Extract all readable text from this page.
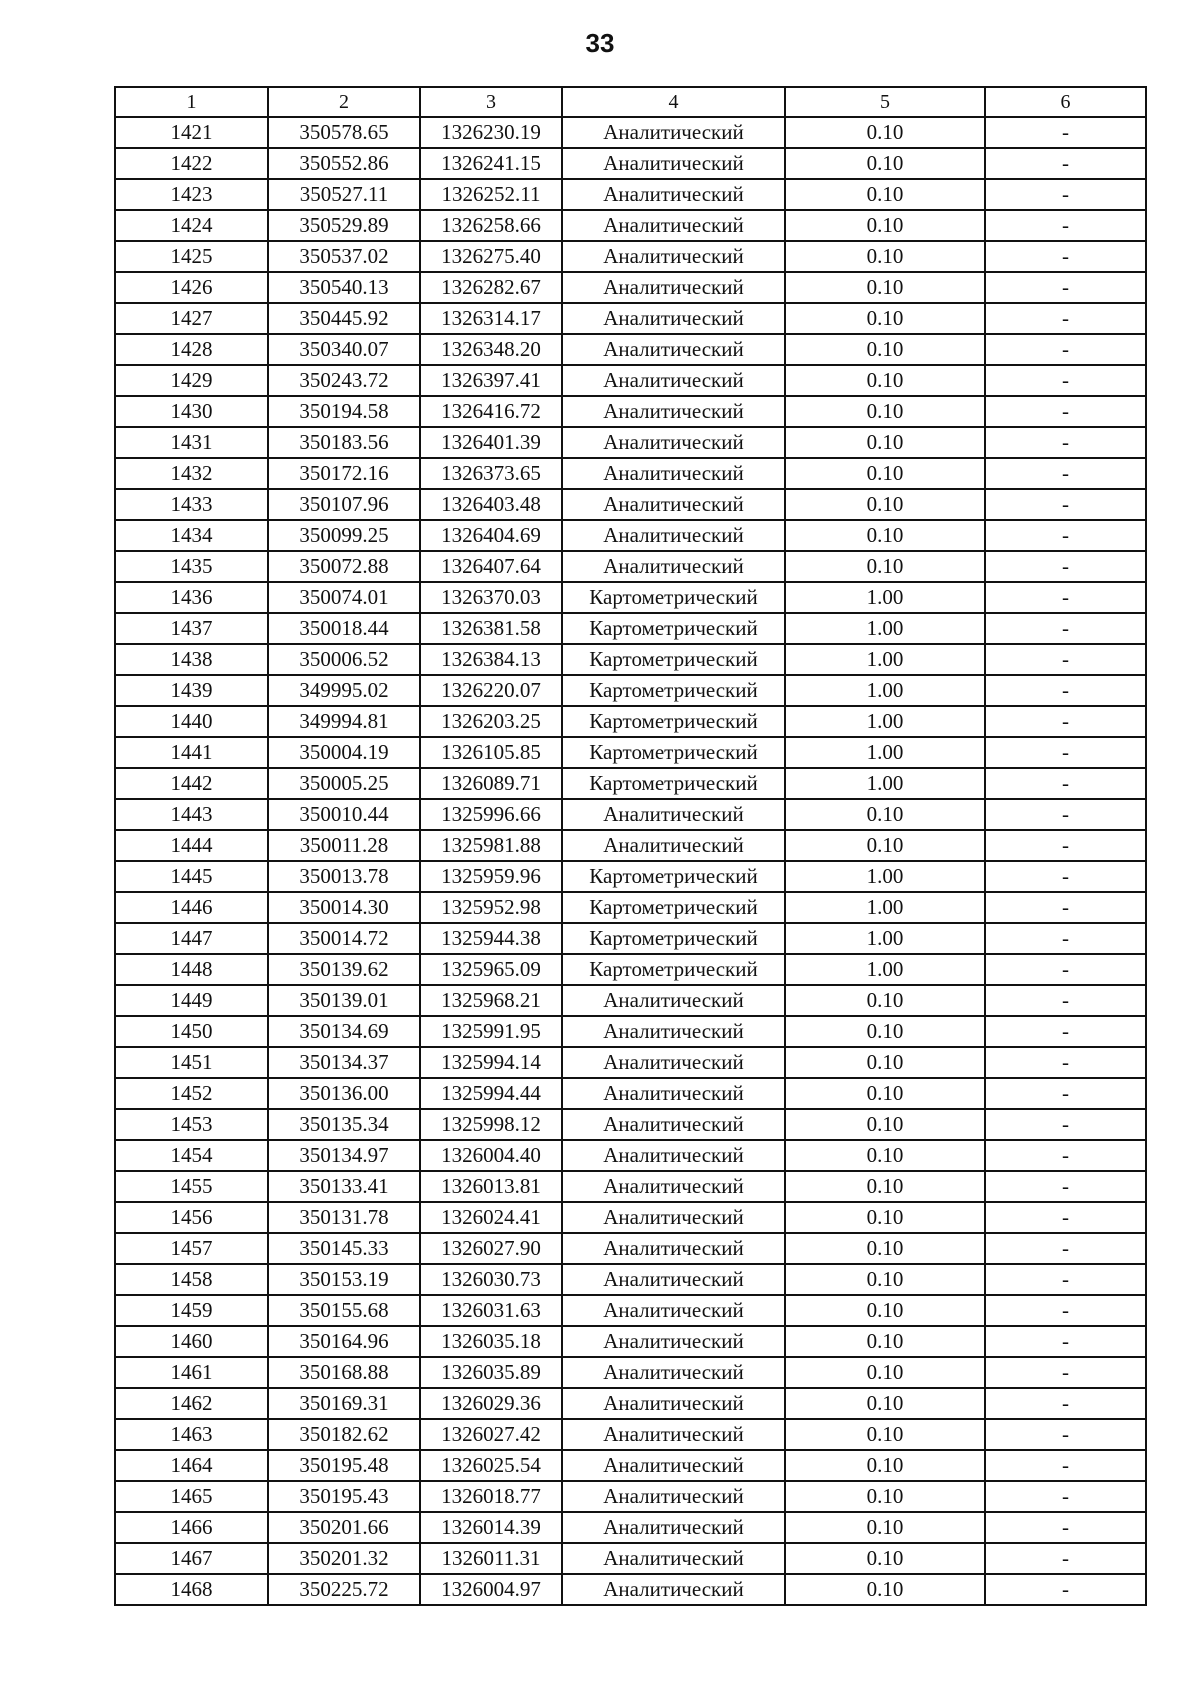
33
1	2	3	4	5	6
1421	350578.65	1326230.19	Аналитический	0.10	-
1422	350552.86	1326241.15	Аналитический	0.10	-
1423	350527.11	1326252.11	Аналитический	0.10	-
1424	350529.89	1326258.66	Аналитический	0.10	-
1425	350537.02	1326275.40	Аналитический	0.10	-
1426	350540.13	1326282.67	Аналитический	0.10	-
1427	350445.92	1326314.17	Аналитический	0.10	-
1428	350340.07	1326348.20	Аналитический	0.10	-
1429	350243.72	1326397.41	Аналитический	0.10	-
1430	350194.58	1326416.72	Аналитический	0.10	-
1431	350183.56	1326401.39	Аналитический	0.10	-
1432	350172.16	1326373.65	Аналитический	0.10	-
1433	350107.96	1326403.48	Аналитический	0.10	-
1434	350099.25	1326404.69	Аналитический	0.10	-
1435	350072.88	1326407.64	Аналитический	0.10	-
1436	350074.01	1326370.03	Картометрический	1.00	-
1437	350018.44	1326381.58	Картометрический	1.00	-
1438	350006.52	1326384.13	Картометрический	1.00	-
1439	349995.02	1326220.07	Картометрический	1.00	-
1440	349994.81	1326203.25	Картометрический	1.00	-
1441	350004.19	1326105.85	Картометрический	1.00	-
1442	350005.25	1326089.71	Картометрический	1.00	-
1443	350010.44	1325996.66	Аналитический	0.10	-
1444	350011.28	1325981.88	Аналитический	0.10	-
1445	350013.78	1325959.96	Картометрический	1.00	-
1446	350014.30	1325952.98	Картометрический	1.00	-
1447	350014.72	1325944.38	Картометрический	1.00	-
1448	350139.62	1325965.09	Картометрический	1.00	-
1449	350139.01	1325968.21	Аналитический	0.10	-
1450	350134.69	1325991.95	Аналитический	0.10	-
1451	350134.37	1325994.14	Аналитический	0.10	-
1452	350136.00	1325994.44	Аналитический	0.10	-
1453	350135.34	1325998.12	Аналитический	0.10	-
1454	350134.97	1326004.40	Аналитический	0.10	-
1455	350133.41	1326013.81	Аналитический	0.10	-
1456	350131.78	1326024.41	Аналитический	0.10	-
1457	350145.33	1326027.90	Аналитический	0.10	-
1458	350153.19	1326030.73	Аналитический	0.10	-
1459	350155.68	1326031.63	Аналитический	0.10	-
1460	350164.96	1326035.18	Аналитический	0.10	-
1461	350168.88	1326035.89	Аналитический	0.10	-
1462	350169.31	1326029.36	Аналитический	0.10	-
1463	350182.62	1326027.42	Аналитический	0.10	-
1464	350195.48	1326025.54	Аналитический	0.10	-
1465	350195.43	1326018.77	Аналитический	0.10	-
1466	350201.66	1326014.39	Аналитический	0.10	-
1467	350201.32	1326011.31	Аналитический	0.10	-
1468	350225.72	1326004.97	Аналитический	0.10	-
